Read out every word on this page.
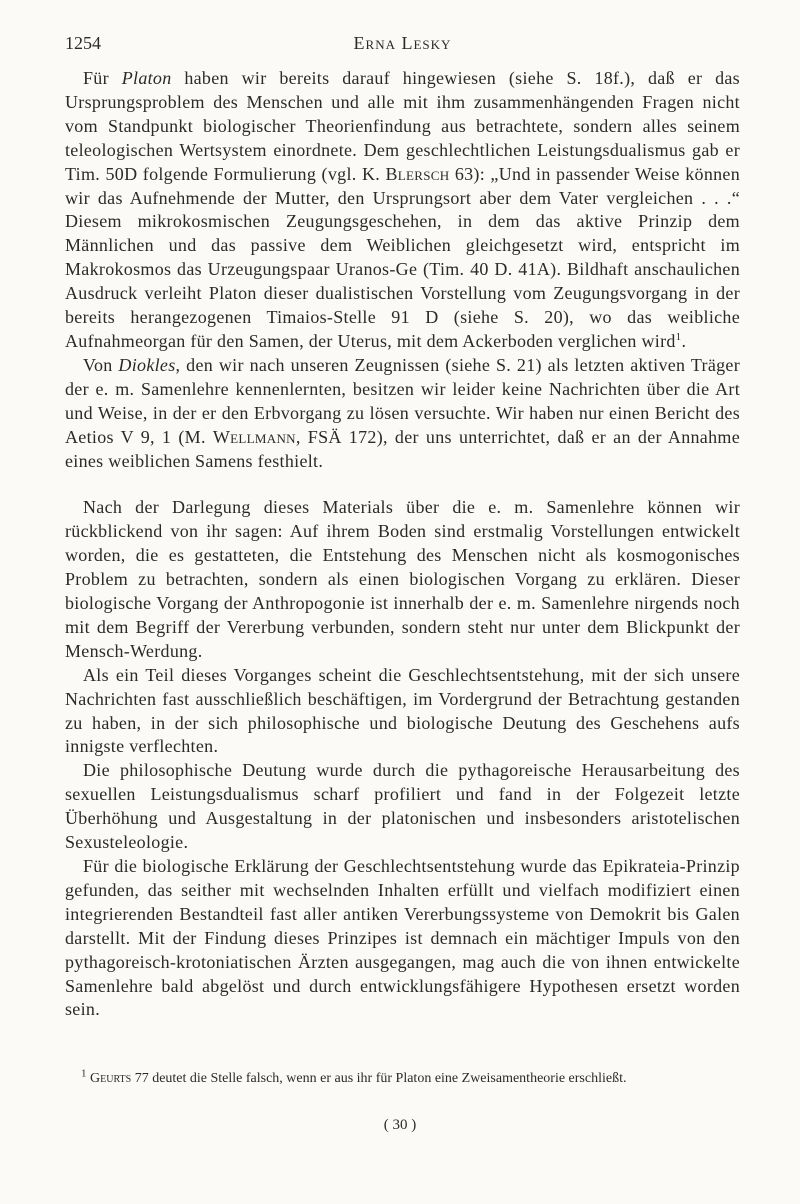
1254	Erna Lesky

Für Platon haben wir bereits darauf hingewiesen (siehe S. 18f.), daß er das Ursprungsproblem des Menschen und alle mit ihm zusammenhängenden Fragen nicht vom Standpunkt biologischer Theorienfindung aus betrachtete, sondern alles seinem teleologischen Wertsystem einordnete. Dem geschlechtlichen Leistungsdualismus gab er Tim. 50D folgende Formulierung (vgl. K. Blersch 63): „Und in passender Weise können wir das Aufnehmende der Mutter, den Ursprungsort aber dem Vater vergleichen . . .“ Diesem mikrokosmischen Zeugungsgeschehen, in dem das aktive Prinzip dem Männlichen und das passive dem Weiblichen gleichgesetzt wird, entspricht im Makrokosmos das Urzeugungspaar Uranos-Ge (Tim. 40 D. 41A). Bildhaft anschaulichen Ausdruck verleiht Platon dieser dualistischen Vorstellung vom Zeugungsvorgang in der bereits herangezogenen Timaios-Stelle 91 D (siehe S. 20), wo das weibliche Aufnahmeorgan für den Samen, der Uterus, mit dem Ackerboden verglichen wird$^1$.

Von Diokles, den wir nach unseren Zeugnissen (siehe S. 21) als letzten aktiven Träger der e. m. Samenlehre kennenlernten, besitzen wir leider keine Nachrichten über die Art und Weise, in der er den Erbvorgang zu lösen versuchte. Wir haben nur einen Bericht des Aetios V 9, 1 (M. Wellmann, FSÄ 172), der uns unterrichtet, daß er an der Annahme eines weiblichen Samens festhielt.

Nach der Darlegung dieses Materials über die e. m. Samenlehre können wir rückblickend von ihr sagen: Auf ihrem Boden sind erstmalig Vorstellungen entwickelt worden, die es gestatteten, die Entstehung des Menschen nicht als kosmogonisches Problem zu betrachten, sondern als einen biologischen Vorgang zu erklären. Dieser biologische Vorgang der Anthropogonie ist innerhalb der e. m. Samenlehre nirgends noch mit dem Begriff der Vererbung verbunden, sondern steht nur unter dem Blickpunkt der Mensch-Werdung.

Als ein Teil dieses Vorganges scheint die Geschlechtsentstehung, mit der sich unsere Nachrichten fast ausschließlich beschäftigen, im Vordergrund der Betrachtung gestanden zu haben, in der sich philosophische und biologische Deutung des Geschehens aufs innigste verflechten.

Die philosophische Deutung wurde durch die pythagoreische Herausarbeitung des sexuellen Leistungsdualismus scharf profiliert und fand in der Folgezeit letzte Überhöhung und Ausgestaltung in der platonischen und insbesonders aristotelischen Sexusteleologie.

Für die biologische Erklärung der Geschlechtsentstehung wurde das Epikrateia-Prinzip gefunden, das seither mit wechselnden Inhalten erfüllt und vielfach modifiziert einen integrierenden Bestandteil fast aller antiken Vererbungssysteme von Demokrit bis Galen darstellt. Mit der Findung dieses Prinzipes ist demnach ein mächtiger Impuls von den pythagoreisch-krotoniatischen Ärzten ausgegangen, mag auch die von ihnen entwickelte Samenlehre bald abgelöst und durch entwicklungsfähigere Hypothesen ersetzt worden sein.

$^1$ Geurts 77 deutet die Stelle falsch, wenn er aus ihr für Platon eine Zweisamentheorie erschließt.
( 30 )
